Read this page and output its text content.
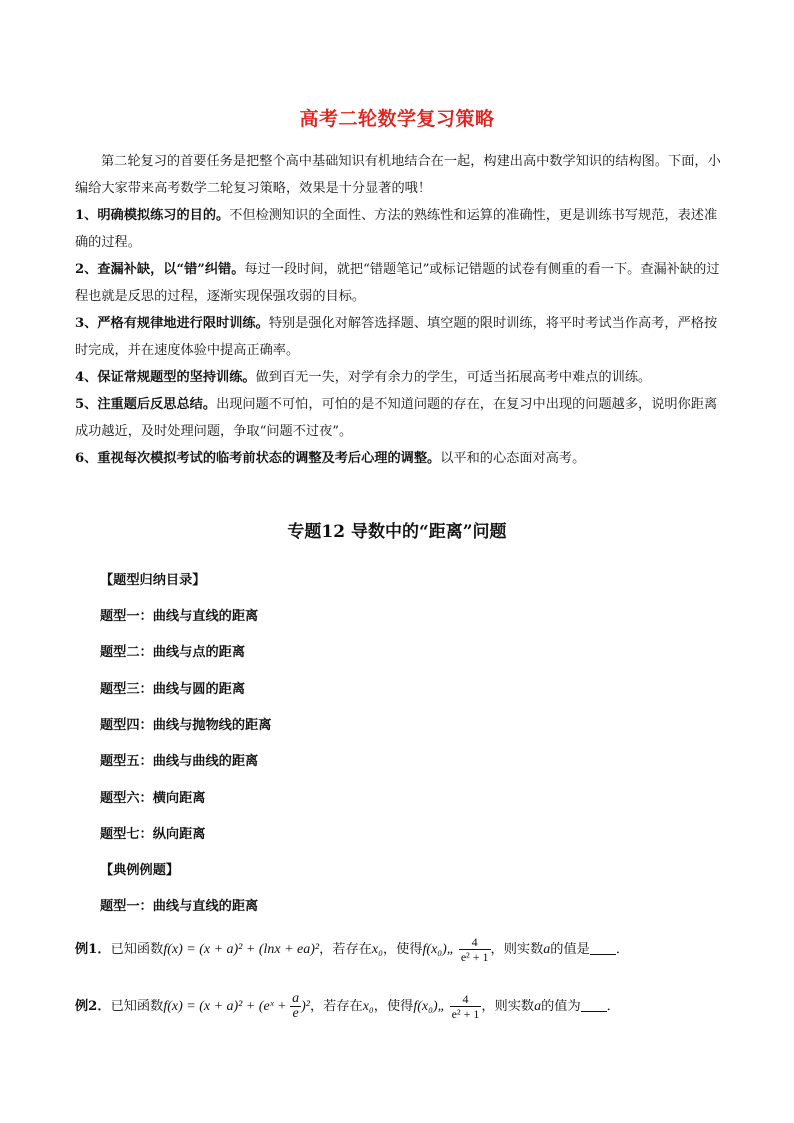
高考二轮数学复习策略
第二轮复习的首要任务是把整个高中基础知识有机地结合在一起，构建出高中数学知识的结构图。下面，小编给大家带来高考数学二轮复习策略，效果是十分显著的哦！
1、明确模拟练习的目的。不但检测知识的全面性、方法的熟练性和运算的准确性，更是训练书写规范，表述准确的过程。
2、查漏补缺，以“错”纠错。每过一段时间，就把“错题笔记”或标记错题的试卷有侧重的看一下。查漏补缺的过程也就是反思的过程，逐渐实现保强攻弱的目标。
3、严格有规律地进行限时训练。特别是强化对解答选择题、填空题的限时训练，将平时考试当作高考，严格按时完成，并在速度体验中提高正确率。
4、保证常规题型的坚持训练。做到百无一失，对学有余力的学生，可适当拓展高考中难点的训练。
5、注重题后反思总结。出现问题不可怕，可怕的是不知道问题的存在，在复习中出现的问题越多，说明你距离成功越近，及时处理问题，争取“问题不过夜”。
6、重视每次模拟考试的临考前状态的调整及考后心理的调整。以平和的心态面对高考。
专题12 导数中的“距离”问题
【题型归纳目录】
题型一：曲线与直线的距离
题型二：曲线与点的距离
题型三：曲线与圆的距离
题型四：曲线与抛物线的距离
题型五：曲线与曲线的距离
题型六：横向距离
题型七：纵向距离
【典例例题】
题型一：曲线与直线的距离
例1．已知函数f(x) = (x + a)² + (lnx + ea)²，若存在x₀，使得f(x₀)„ $\frac{4}{\text{e² + 1}}$ ，则实数a的值是 ．
例2．已知函数f(x) = (x + a)² + (eˣ + $\frac{a}{e} )^2$，若存在x₀，使得f(x₀)„ $\frac{4}{\text{e² + 1}}$ ，则实数a的值为 ．
